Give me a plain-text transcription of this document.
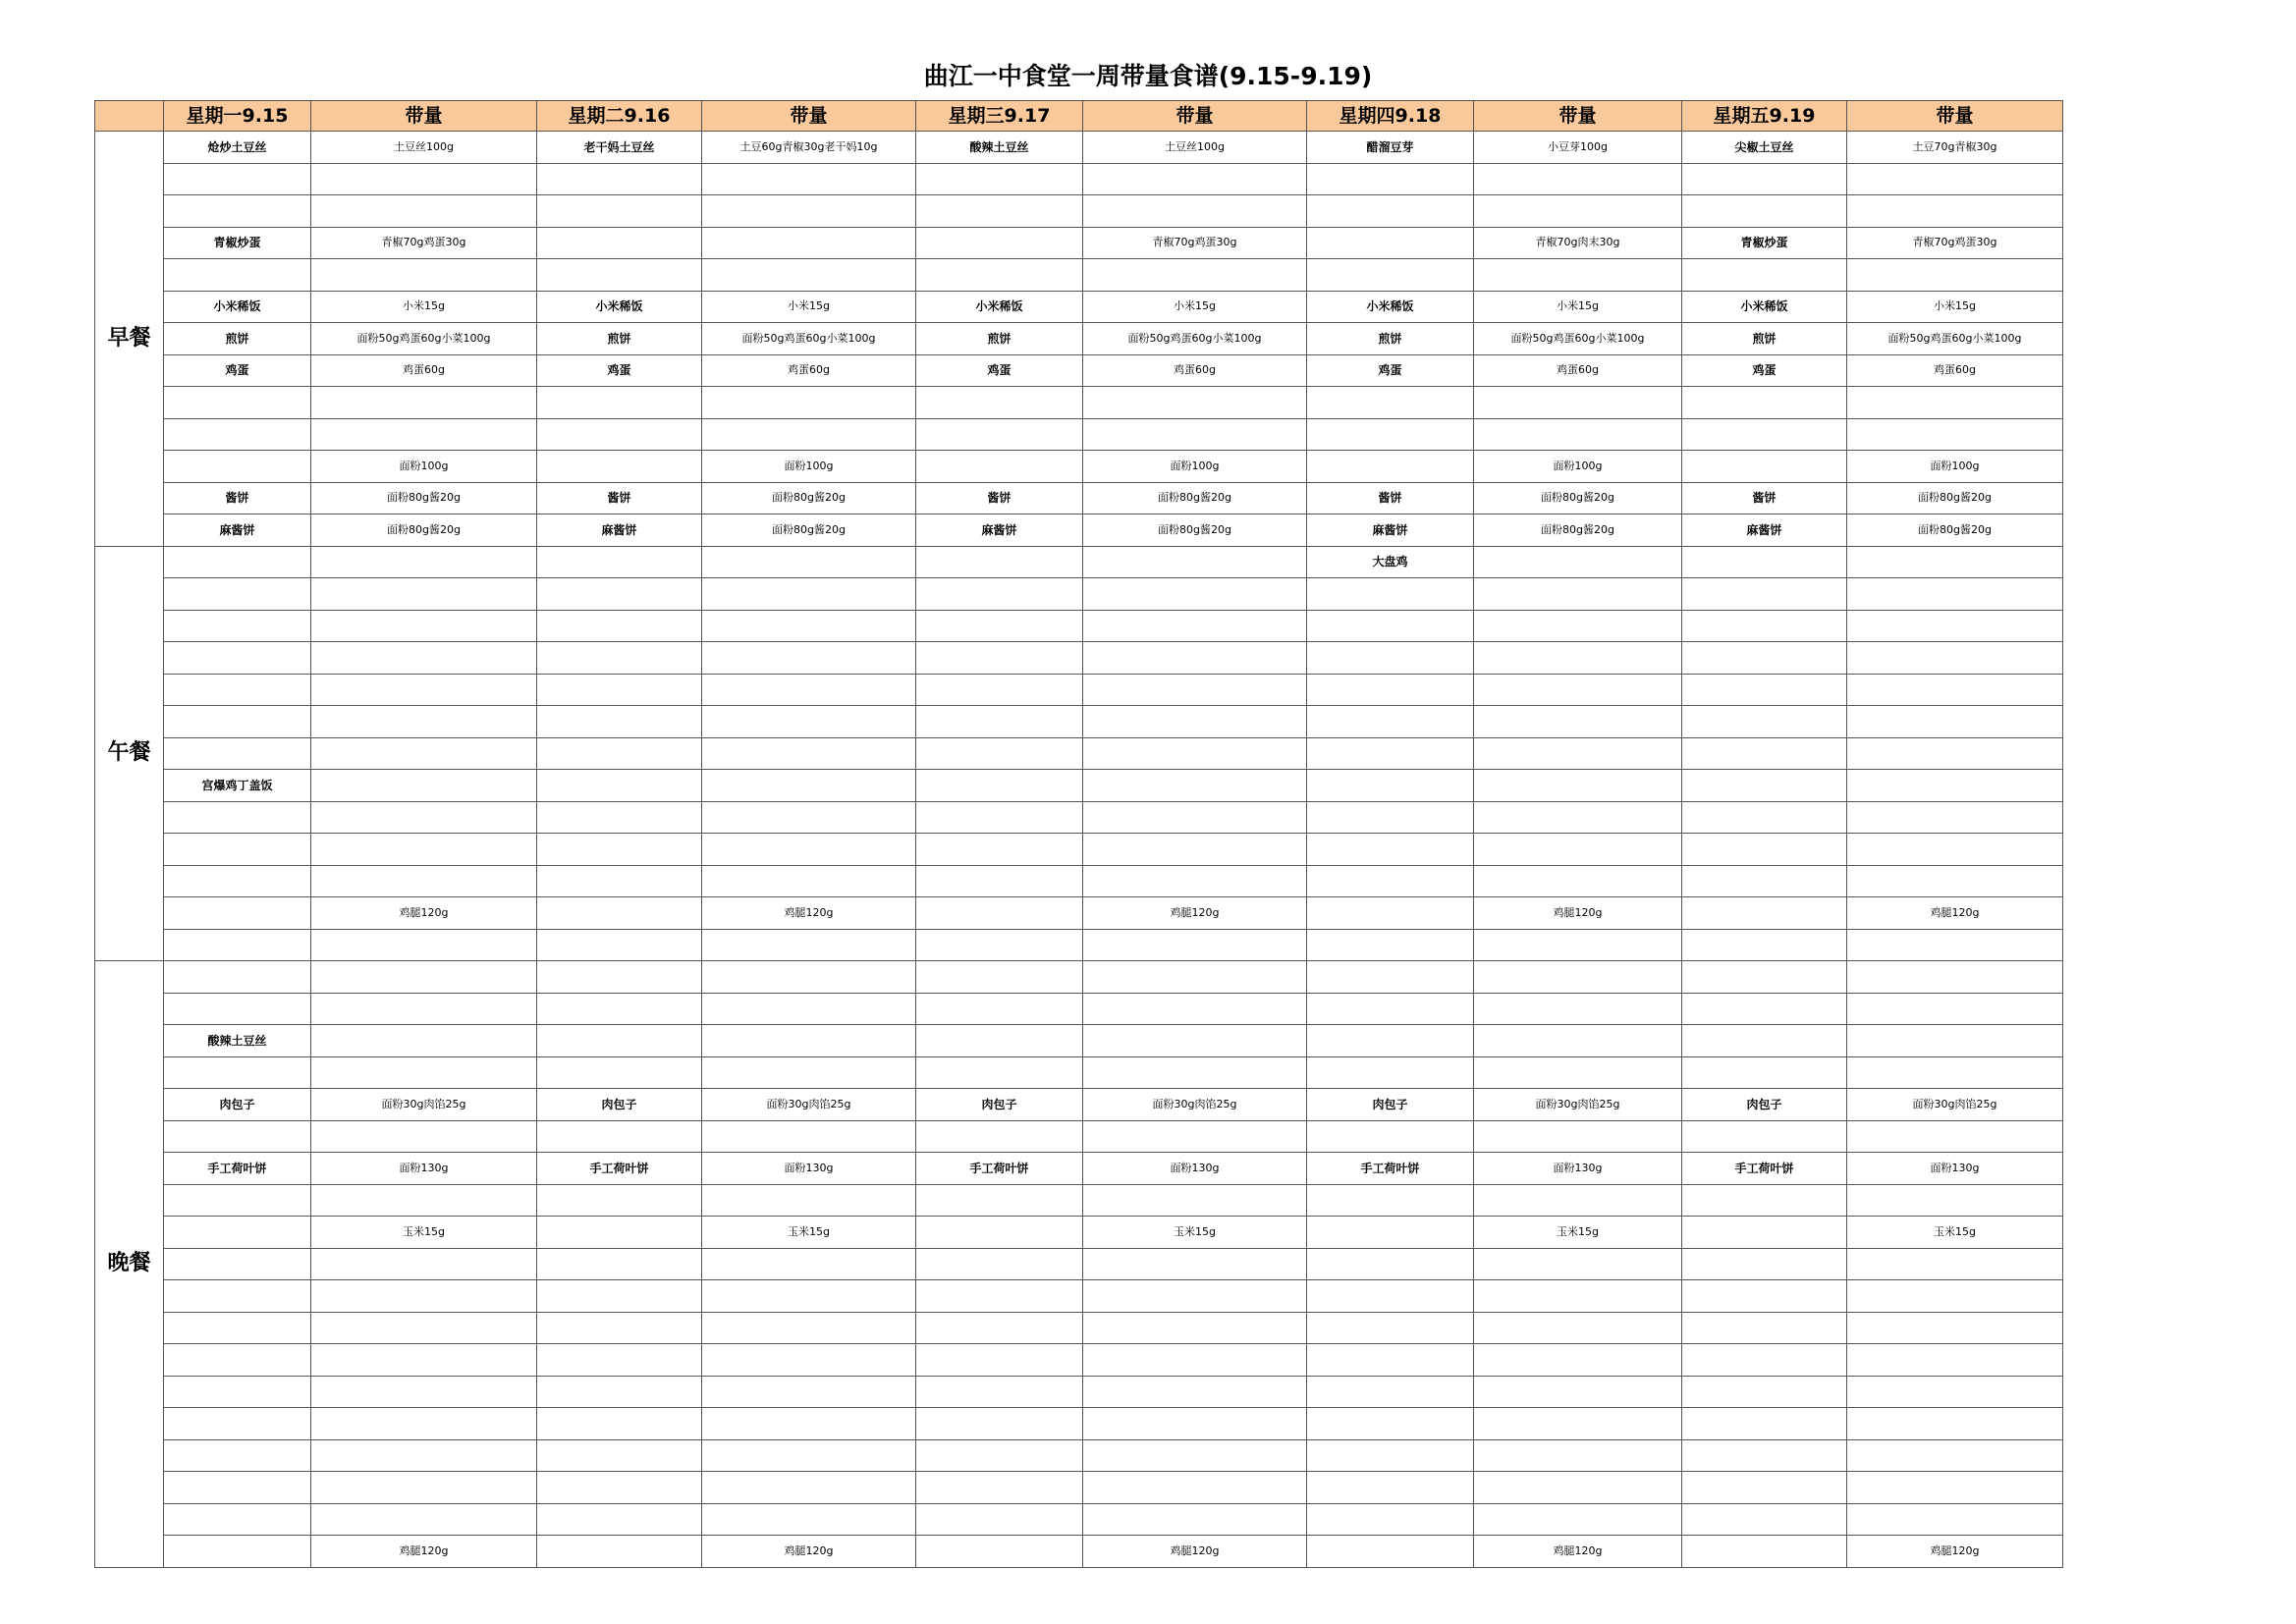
曲江一中食堂一周带量食谱(9.15-9.19)
	星期一9.15	带量	星期二9.16	带量	星期三9.17	带量	星期四9.18	带量	星期五9.19	带量
早餐	炝炒土豆丝	土豆丝100g	老干妈土豆丝	土豆60g青椒30g老干妈10g	酸辣土豆丝	土豆丝100g	醋溜豆芽	小豆芽100g	尖椒土豆丝	土豆70g青椒30g

	青椒炒蛋	青椒70g鸡蛋30g				青椒70g鸡蛋30g		青椒70g肉末30g	青椒炒蛋	青椒70g鸡蛋30g

	小米稀饭	小米15g	小米稀饭	小米15g	小米稀饭	小米15g	小米稀饭	小米15g	小米稀饭	小米15g
	煎饼	面粉50g鸡蛋60g小菜100g	煎饼	面粉50g鸡蛋60g小菜100g	煎饼	面粉50g鸡蛋60g小菜100g	煎饼	面粉50g鸡蛋60g小菜100g	煎饼	面粉50g鸡蛋60g小菜100g
	鸡蛋	鸡蛋60g	鸡蛋	鸡蛋60g	鸡蛋	鸡蛋60g	鸡蛋	鸡蛋60g	鸡蛋	鸡蛋60g

		面粉100g		面粉100g		面粉100g		面粉100g		面粉100g
	酱饼	面粉80g酱20g	酱饼	面粉80g酱20g	酱饼	面粉80g酱20g	酱饼	面粉80g酱20g	酱饼	面粉80g酱20g
	麻酱饼	面粉80g酱20g	麻酱饼	面粉80g酱20g	麻酱饼	面粉80g酱20g	麻酱饼	面粉80g酱20g	麻酱饼	面粉80g酱20g
午餐							大盘鸡			

	宫爆鸡丁盖饭									

		鸡腿120g		鸡腿120g		鸡腿120g		鸡腿120g		鸡腿120g

晚餐										

	酸辣土豆丝									

	肉包子	面粉30g肉馅25g	肉包子	面粉30g肉馅25g	肉包子	面粉30g肉馅25g	肉包子	面粉30g肉馅25g	肉包子	面粉30g肉馅25g

	手工荷叶饼	面粉130g	手工荷叶饼	面粉130g	手工荷叶饼	面粉130g	手工荷叶饼	面粉130g	手工荷叶饼	面粉130g

		玉米15g		玉米15g		玉米15g		玉米15g		玉米15g

		鸡腿120g		鸡腿120g		鸡腿120g		鸡腿120g		鸡腿120g
